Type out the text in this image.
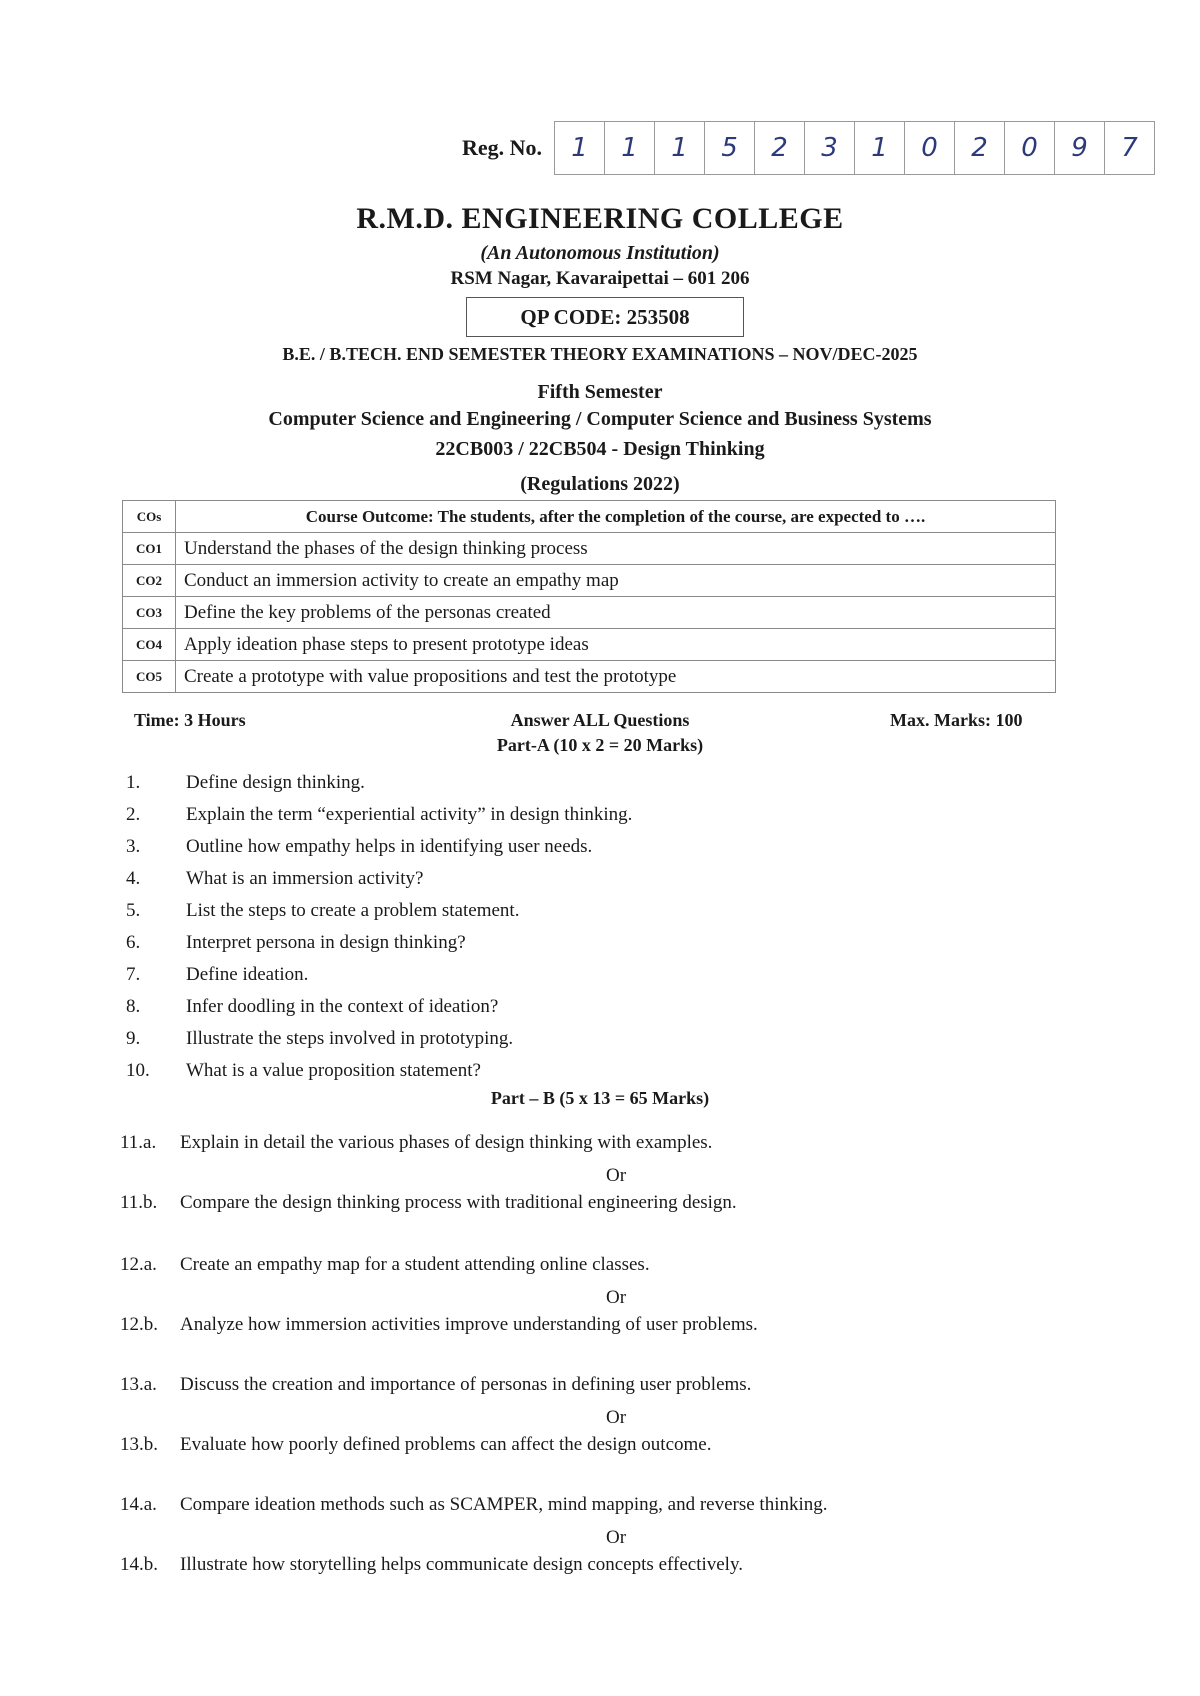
Reg. No.	1	1	1	5	2	3	1	0	2	0	9	7
R.M.D. ENGINEERING COLLEGE
(An Autonomous Institution)
RSM Nagar, Kavaraipettai – 601 206
QP CODE: 253508
B.E. / B.TECH. END SEMESTER THEORY EXAMINATIONS – NOV/DEC-2025
Fifth Semester
Computer Science and Engineering / Computer Science and Business Systems
22CB003 / 22CB504 - Design Thinking
(Regulations 2022)
COs	Course Outcome: The students, after the completion of the course, are expected to ….
CO1	Understand the phases of the design thinking process
CO2	Conduct an immersion activity to create an empathy map
CO3	Define the key problems of the personas created
CO4	Apply ideation phase steps to present prototype ideas
CO5	Create a prototype with value propositions and test the prototype
Time: 3 Hours	Answer ALL Questions	Max. Marks: 100
Part-A (10 x 2 = 20 Marks)
1. Define design thinking.
2. Explain the term “experiential activity” in design thinking.
3. Outline how empathy helps in identifying user needs.
4. What is an immersion activity?
5. List the steps to create a problem statement.
6. Interpret persona in design thinking?
7. Define ideation.
8. Infer doodling in the context of ideation?
9. Illustrate the steps involved in prototyping.
10. What is a value proposition statement?
Part – B (5 x 13 = 65 Marks)
11.a. Explain in detail the various phases of design thinking with examples.
Or
11.b. Compare the design thinking process with traditional engineering design.
12.a. Create an empathy map for a student attending online classes.
Or
12.b. Analyze how immersion activities improve understanding of user problems.
13.a. Discuss the creation and importance of personas in defining user problems.
Or
13.b. Evaluate how poorly defined problems can affect the design outcome.
14.a. Compare ideation methods such as SCAMPER, mind mapping, and reverse thinking.
Or
14.b. Illustrate how storytelling helps communicate design concepts effectively.
